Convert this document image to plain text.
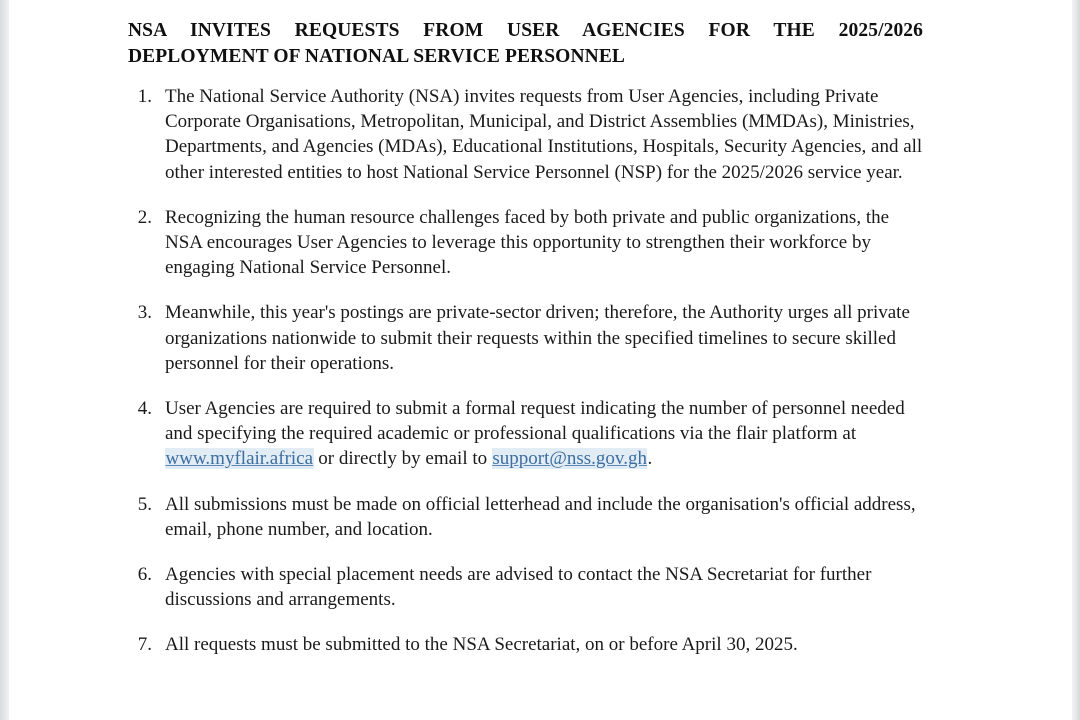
NSA INVITES REQUESTS FROM USER AGENCIES FOR THE 2025/2026
DEPLOYMENT OF NATIONAL SERVICE PERSONNEL
1. The National Service Authority (NSA) invites requests from User Agencies, including Private Corporate Organisations, Metropolitan, Municipal, and District Assemblies (MMDAs), Ministries, Departments, and Agencies (MDAs), Educational Institutions, Hospitals, Security Agencies, and all other interested entities to host National Service Personnel (NSP) for the 2025/2026 service year.
2. Recognizing the human resource challenges faced by both private and public organizations, the NSA encourages User Agencies to leverage this opportunity to strengthen their workforce by engaging National Service Personnel.
3. Meanwhile, this year's postings are private-sector driven; therefore, the Authority urges all private organizations nationwide to submit their requests within the specified timelines to secure skilled personnel for their operations.
4. User Agencies are required to submit a formal request indicating the number of personnel needed and specifying the required academic or professional qualifications via the flair platform at www.myflair.africa or directly by email to support@nss.gov.gh.
5. All submissions must be made on official letterhead and include the organisation's official address, email, phone number, and location.
6. Agencies with special placement needs are advised to contact the NSA Secretariat for further discussions and arrangements.
7. All requests must be submitted to the NSA Secretariat, on or before April 30, 2025.
